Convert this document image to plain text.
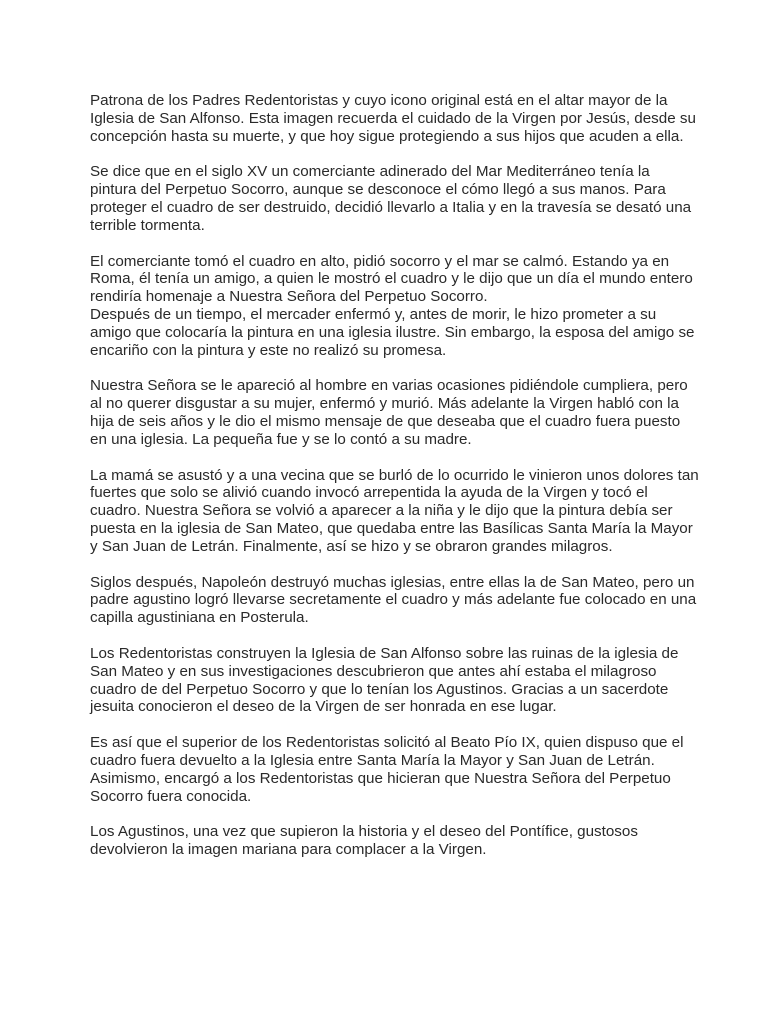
Patrona de los Padres Redentoristas y cuyo icono original está en el altar mayor de la Iglesia de San Alfonso. Esta imagen recuerda el cuidado de la Virgen por Jesús, desde su concepción hasta su muerte, y que hoy sigue protegiendo a sus hijos que acuden a ella.

Se dice que en el siglo XV un comerciante adinerado del Mar Mediterráneo tenía la pintura del Perpetuo Socorro, aunque se desconoce el cómo llegó a sus manos. Para proteger el cuadro de ser destruido, decidió llevarlo a Italia y en la travesía se desató una terrible tormenta.

El comerciante tomó el cuadro en alto, pidió socorro y el mar se calmó. Estando ya en Roma, él tenía un amigo, a quien le mostró el cuadro y le dijo que un día el mundo entero rendiría homenaje a Nuestra Señora del Perpetuo Socorro.

Después de un tiempo, el mercader enfermó y, antes de morir, le hizo prometer a su amigo que colocaría la pintura en una iglesia ilustre. Sin embargo, la esposa del amigo se encariño con la pintura y este no realizó su promesa.

Nuestra Señora se le apareció al hombre en varias ocasiones pidiéndole cumpliera, pero al no querer disgustar a su mujer, enfermó y murió. Más adelante la Virgen habló con la hija de seis años y le dio el mismo mensaje de que deseaba que el cuadro fuera puesto en una iglesia. La pequeña fue y se lo contó a su madre.

La mamá se asustó y a una vecina que se burló de lo ocurrido le vinieron unos dolores tan fuertes que solo se alivió cuando invocó arrepentida la ayuda de la Virgen y tocó el cuadro. Nuestra Señora se volvió a aparecer a la niña y le dijo que la pintura debía ser puesta en la iglesia de San Mateo, que quedaba entre las Basílicas Santa María la Mayor y San Juan de Letrán. Finalmente, así se hizo y se obraron grandes milagros.

Siglos después, Napoleón destruyó muchas iglesias, entre ellas la de San Mateo, pero un padre agustino logró llevarse secretamente el cuadro y más adelante fue colocado en una capilla agustiniana en Posterula.

Los Redentoristas construyen la Iglesia de San Alfonso sobre las ruinas de la iglesia de San Mateo y en sus investigaciones descubrieron que antes ahí estaba el milagroso cuadro de del Perpetuo Socorro y que lo tenían los Agustinos. Gracias a un sacerdote jesuita conocieron el deseo de la Virgen de ser honrada en ese lugar.

Es así que el superior de los Redentoristas solicitó al Beato Pío IX, quien dispuso que el cuadro fuera devuelto a la Iglesia entre Santa María la Mayor y San Juan de Letrán. Asimismo, encargó a los Redentoristas que hicieran que Nuestra Señora del Perpetuo Socorro fuera conocida.

Los Agustinos, una vez que supieron la historia y el deseo del Pontífice, gustosos devolvieron la imagen mariana para complacer a la Virgen.
